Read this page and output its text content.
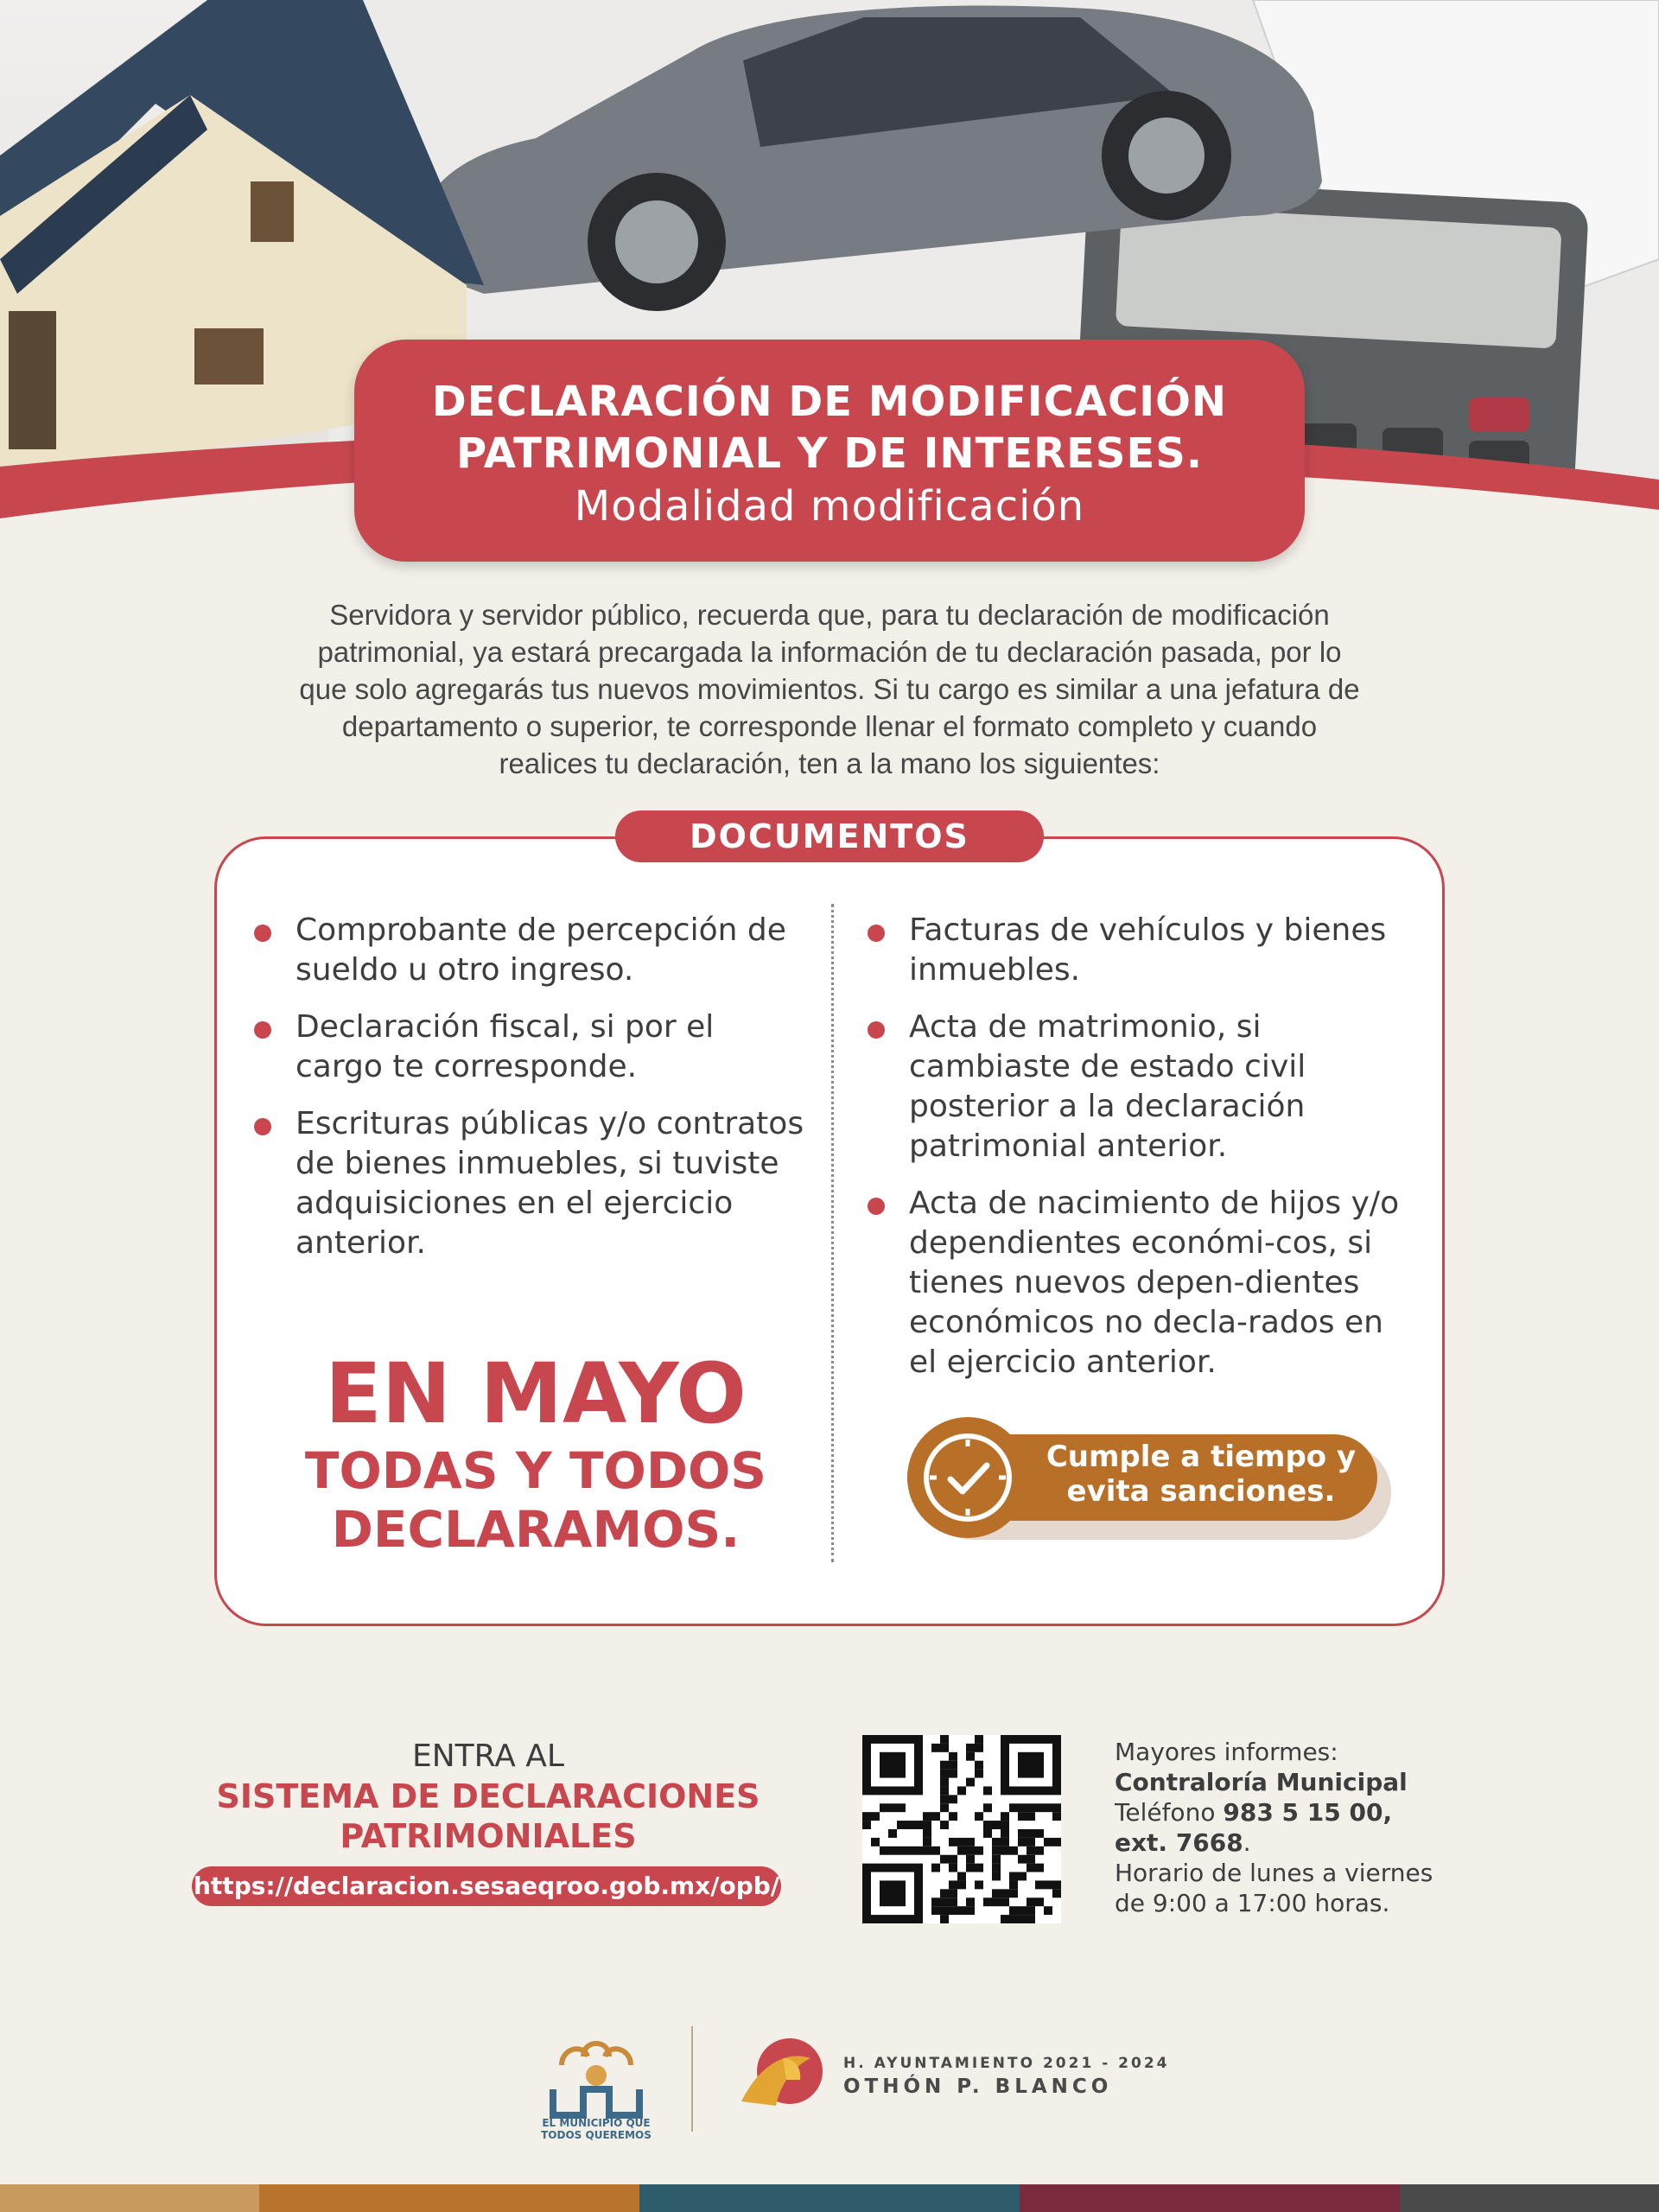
DECLARACIÓN DE MODIFICACIÓN
PATRIMONIAL Y DE INTERESES.
Modalidad modificación
Servidora y servidor público, recuerda que, para tu declaración de modificación
patrimonial, ya estará precargada la información de tu declaración pasada, por lo
que solo agregarás tus nuevos movimientos. Si tu cargo es similar a una jefatura de
departamento o superior, te corresponde llenar el formato completo y cuando
realices tu declaración, ten a la mano los siguientes:
DOCUMENTOS
Comprobante de percepción de sueldo u otro ingreso.
Declaración fiscal, si por el cargo te corresponde.
Escrituras públicas y/o contratos de bienes inmuebles, si tuviste adquisiciones en el ejercicio anterior.
Facturas de vehículos y bienes inmuebles.
Acta de matrimonio, si cambiaste de estado civil posterior a la declaración patrimonial anterior.
Acta de nacimiento de hijos y/o dependientes económi-cos, si tienes nuevos depen-dientes económicos no decla-rados en el ejercicio anterior.
EN MAYO
TODAS Y TODOS
DECLARAMOS.
Cumple a tiempo y
evita sanciones.
ENTRA AL
SISTEMA DE DECLARACIONES
PATRIMONIALES
https://declaracion.sesaeqroo.gob.mx/opb/
Mayores informes:
Contraloría Municipal
Teléfono 983 5 15 00,
ext. 7668.
Horario de lunes a viernes
de 9:00 a 17:00 horas.
EL MUNICIPIO QUE
TODOS QUEREMOS
H. AYUNTAMIENTO 2021 - 2024
OTHÓN P. BLANCO
